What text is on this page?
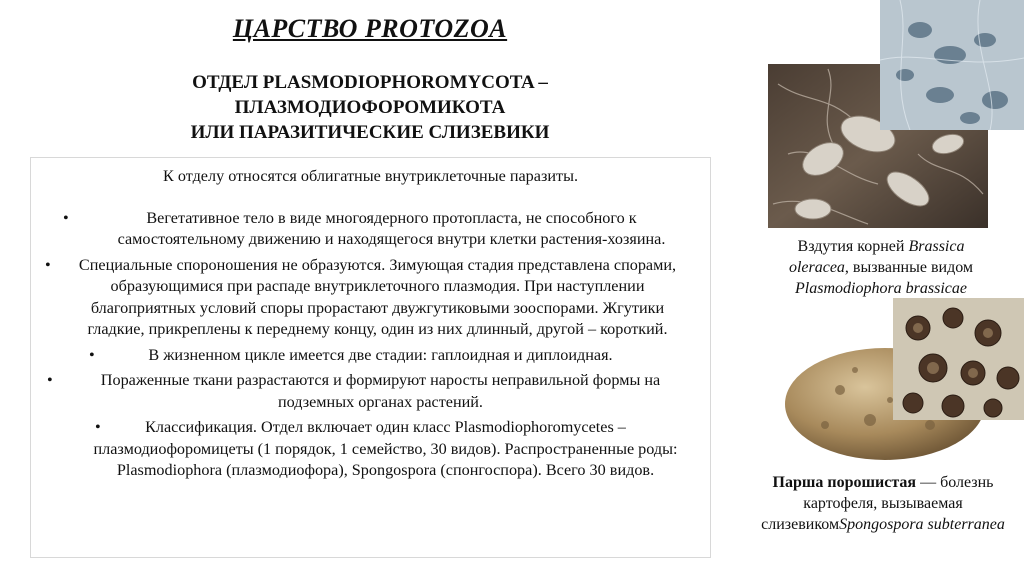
ЦАРСТВО PROTOZOA
ОТДЕЛ PLASMODIOPHOROMYCOTA –
ПЛАЗМОДИОФОРОМИКОТА
ИЛИ ПАРАЗИТИЧЕСКИЕ СЛИЗЕВИКИ
К отделу относятся облигатные внутриклеточные паразиты.
•	Вегетативное тело в виде многоядерного протопласта, не способного к самостоятельному движению и находящегося внутри клетки растения-хозяина.
• Специальные спороношения не образуются. Зимующая стадия представлена спорами, образующимися при распаде внутриклеточного плазмодия. При наступлении благоприятных условий споры прорастают двужгутиковыми зооспорами. Жгутики гладкие, прикреплены к переднему концу, один из них длинный, другой – короткий.
•	В жизненном цикле имеется две стадии: гаплоидная и диплоидная.
•	Пораженные ткани разрастаются и формируют наросты неправильной формы на подземных органах растений.
•	Классификация. Отдел включает один класс Plasmodiophoromycetes – плазмодиофоромицеты (1 порядок, 1 семейство, 30 видов). Распространенные роды: Plasmodiophora (плазмодиофора), Spongospora (спонгоспора). Всего 30 видов.
Вздутия корней Brassica oleracea, вызванные видом Plasmodiophora brassicae
Парша порошистая — болезнь картофеля, вызываемая слизевикомSpongospora subterranea
